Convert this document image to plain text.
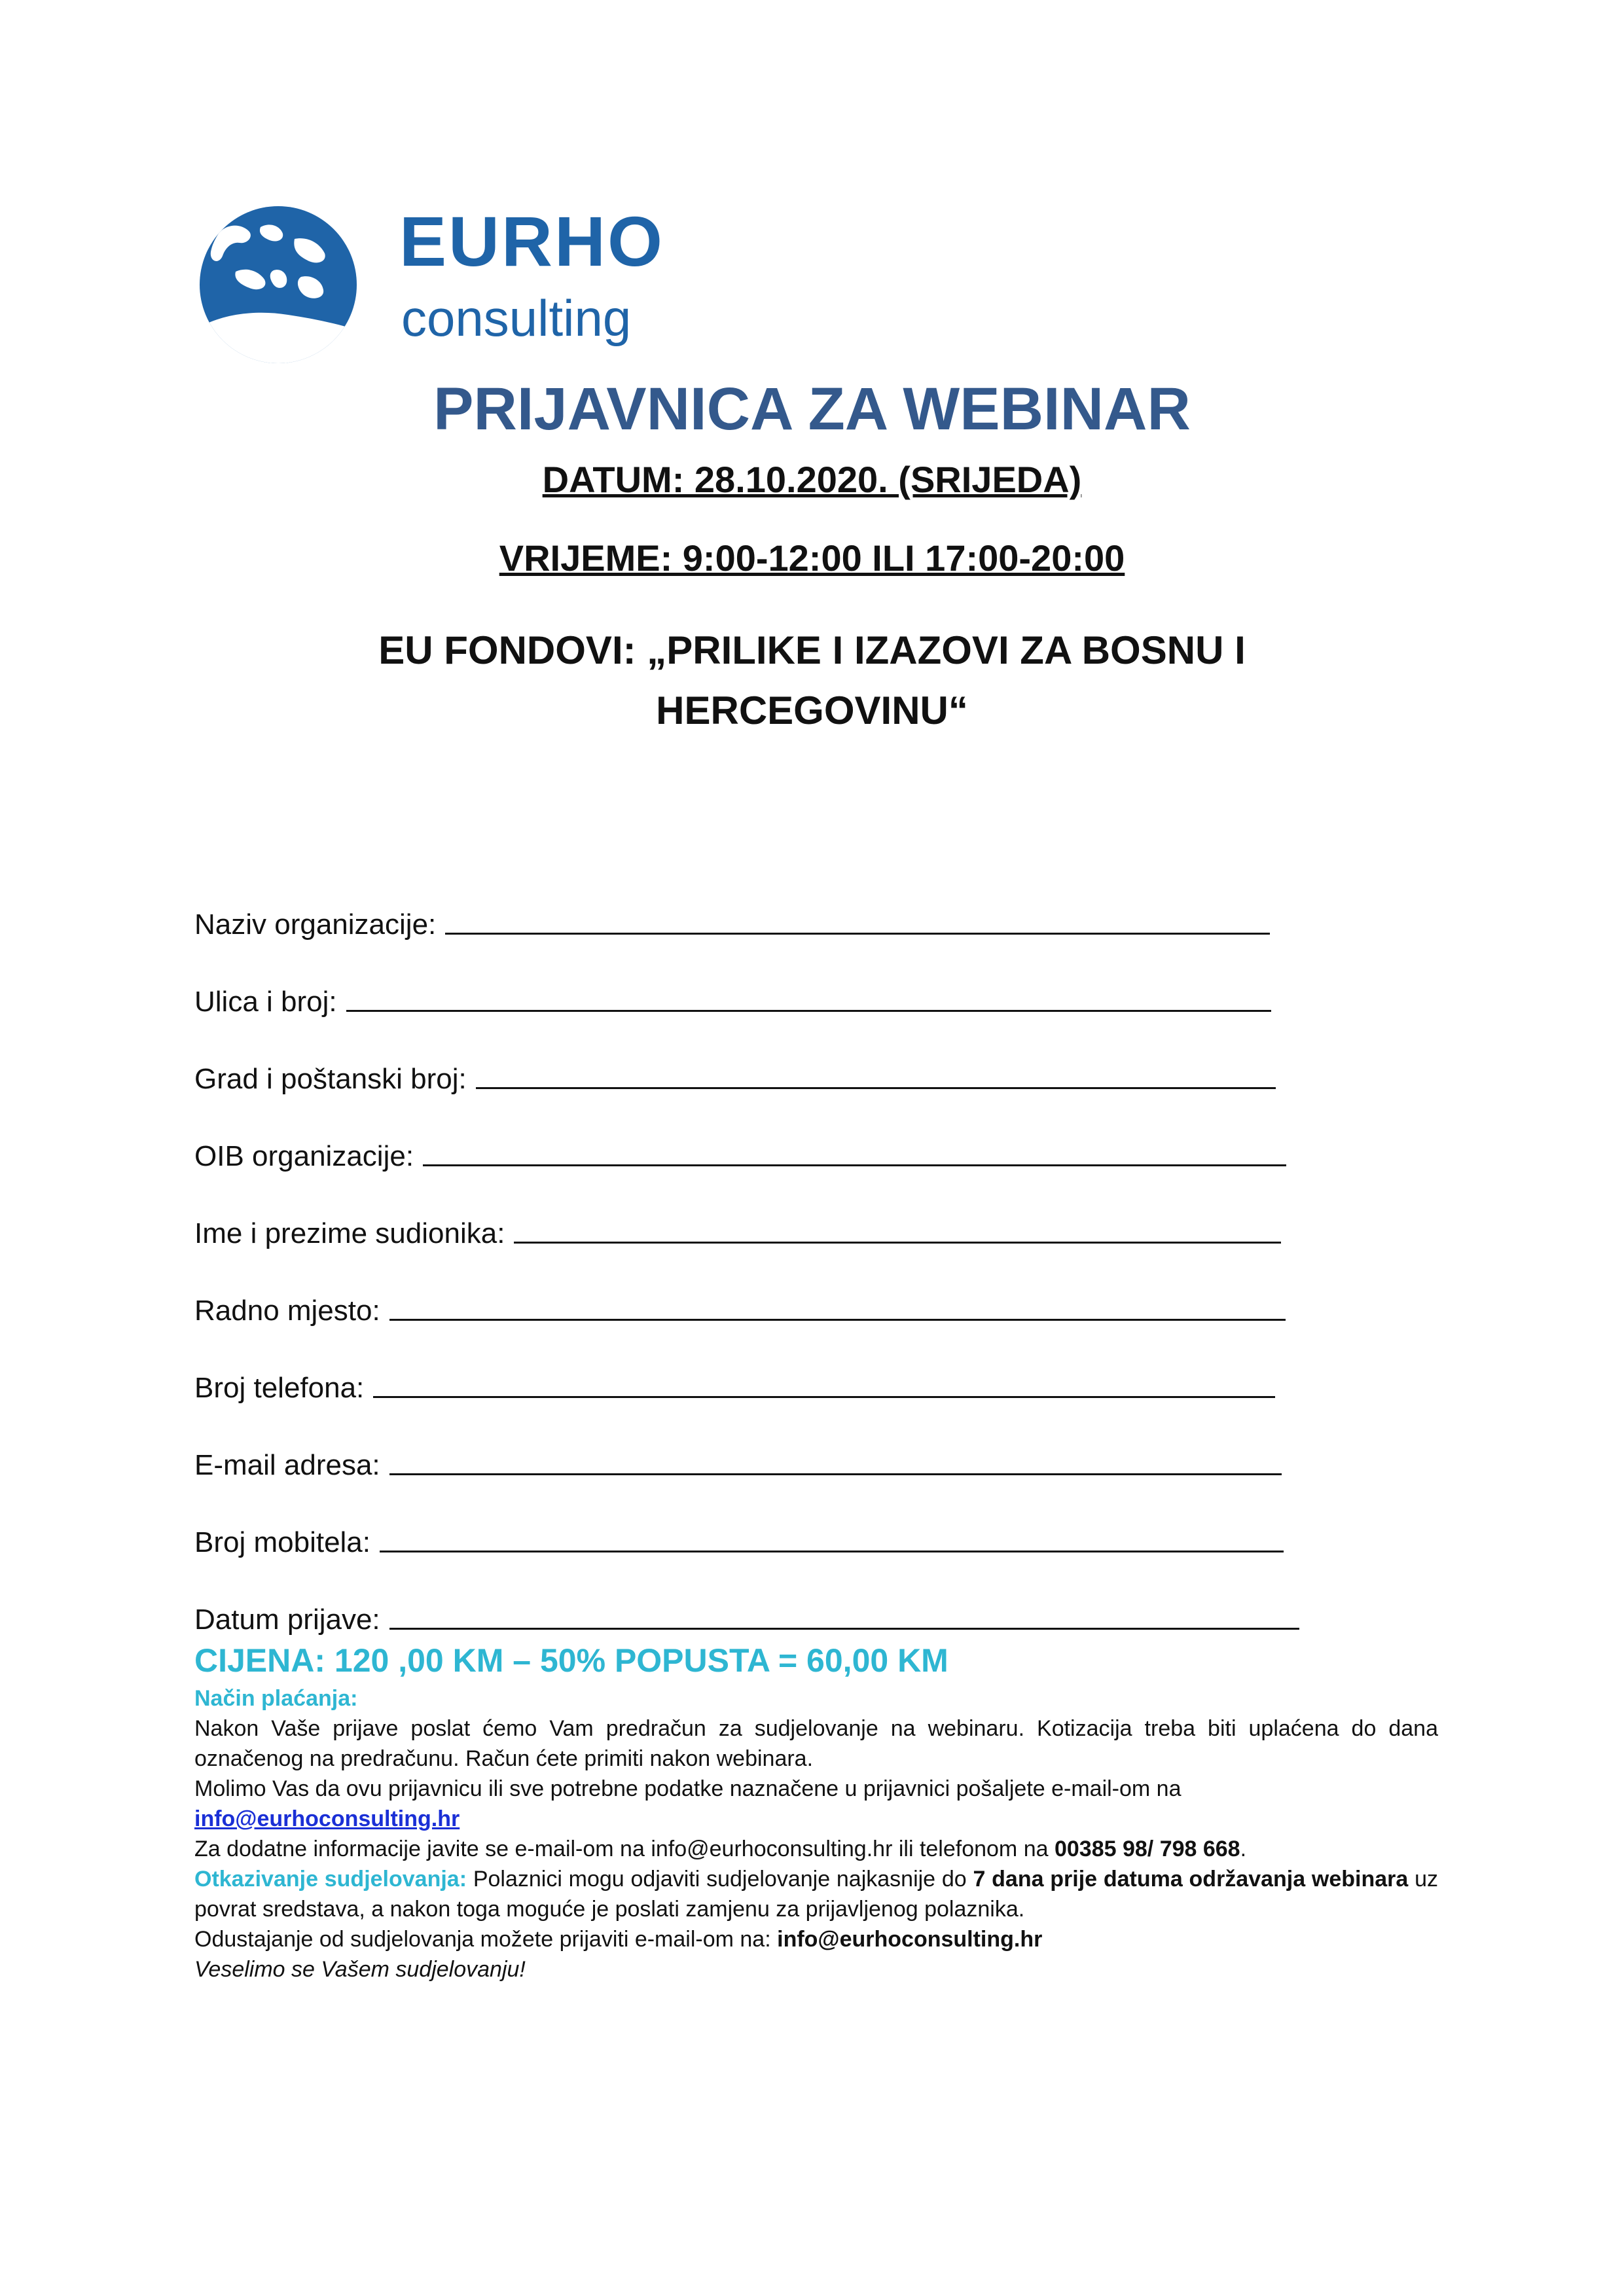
EURHO
consulting
PRIJAVNICA ZA WEBINAR
DATUM: 28.10.2020. (SRIJEDA)
VRIJEME: 9:00-12:00 ILI 17:00-20:00
EU FONDOVI: „PRILIKE I IZAZOVI ZA BOSNU I
HERCEGOVINU“
Naziv organizacije:
Ulica i broj:
Grad i poštanski broj:
OIB organizacije:
Ime i prezime sudionika:
Radno mjesto:
Broj telefona:
E-mail adresa:
Broj mobitela:
Datum prijave:
CIJENA: 120 ,00 KM – 50% POPUSTA = 60,00 KM

Način plaćanja:

Nakon Vaše prijave poslat ćemo Vam predračun za sudjelovanje na webinaru. Kotizacija treba biti uplaćena do dana označenog na predračunu. Račun ćete primiti nakon webinara.

Molimo Vas da ovu prijavnicu ili sve potrebne podatke naznačene u prijavnici pošaljete e-mail-om na
info@eurhoconsulting.hr

Za dodatne informacije javite se e-mail-om na info@eurhoconsulting.hr ili telefonom na 00385 98/ 798 668.

Otkazivanje sudjelovanja: Polaznici mogu odjaviti sudjelovanje najkasnije do 7 dana prije datuma održavanja webinara uz povrat sredstava, a nakon toga moguće je poslati zamjenu za prijavljenog polaznika.

Odustajanje od sudjelovanja možete prijaviti e-mail-om na: info@eurhoconsulting.hr

Veselimo se Vašem sudjelovanju!
